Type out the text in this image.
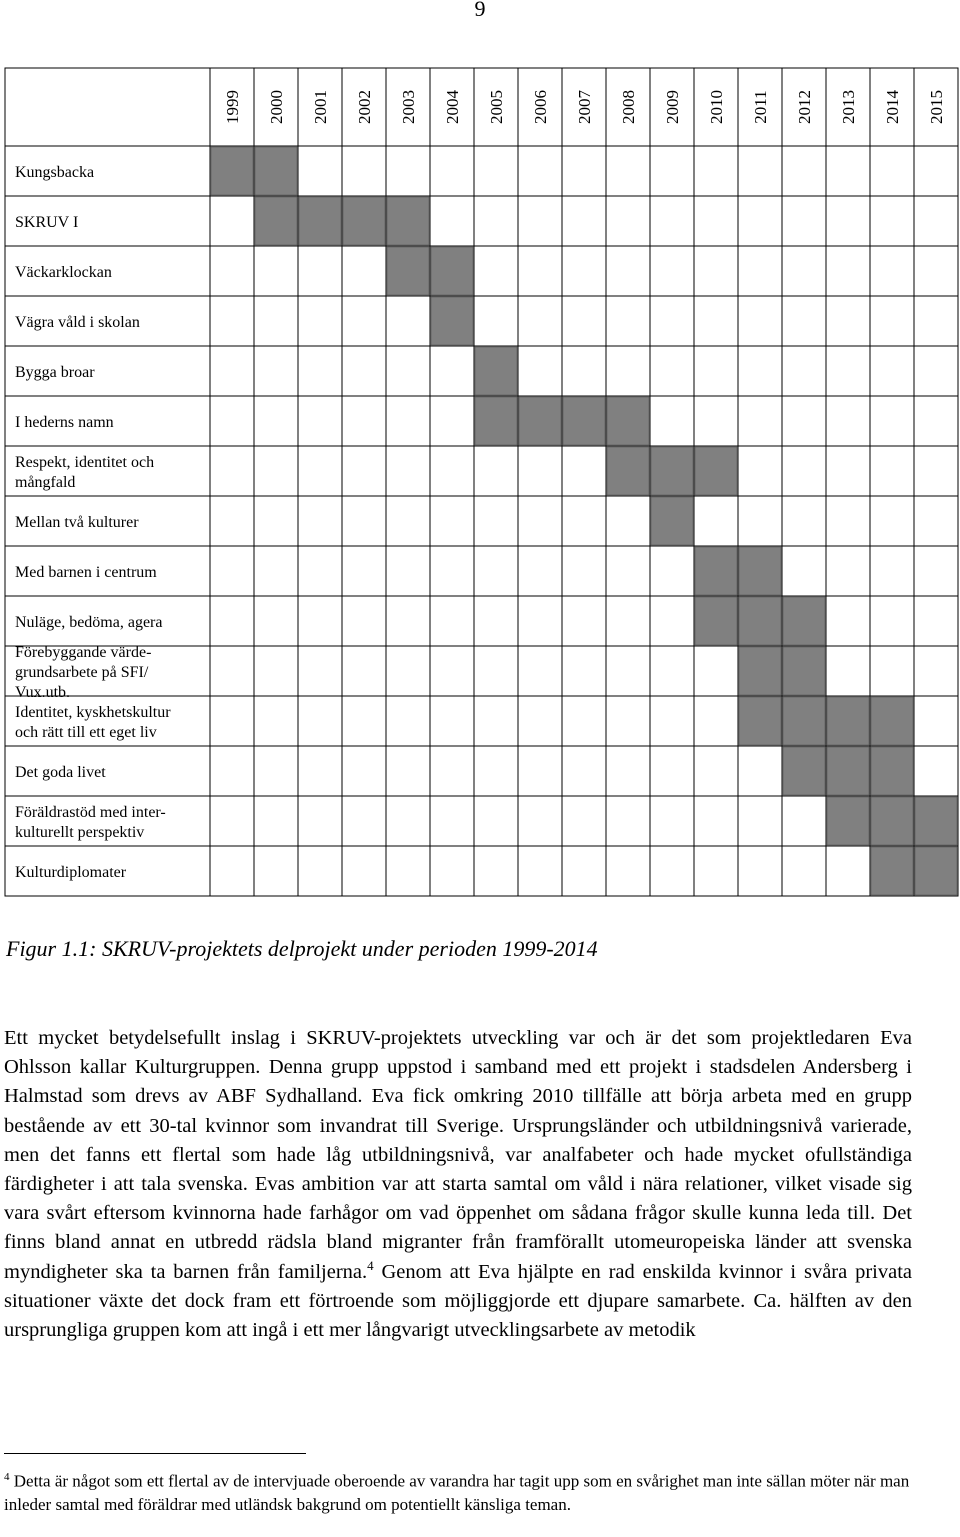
9
1999 2000 2001 2002 2003 2004 2005 2006 2007 2008 2009 2010 2011 2012 2013 2014 2015
Kungsbacka
SKRUV I
Väckarklockan
Vägra våld i skolan
Bygga broar
I hederns namn
Respekt, identitet och mångfald
Mellan två kulturer
Med barnen i centrum
Nuläge, bedöma, agera
Förebyggande värde-grundsarbete på SFI/ Vux.utb.
Identitet, kyskhetskultur och rätt till ett eget liv
Det goda livet
Föräldrastöd med inter-kulturellt perspektiv
Kulturdiplomater
Figur 1.1: SKRUV-projektets delprojekt under perioden 1999-2014

Ett mycket betydelsefullt inslag i SKRUV-projektets utveckling var och är det som projektledaren Eva Ohlsson kallar Kulturgruppen. Denna grupp uppstod i samband med ett projekt i stadsdelen Andersberg i Halmstad som drevs av ABF Sydhalland. Eva fick omkring 2010 tillfälle att börja arbeta med en grupp bestående av ett 30-tal kvinnor som invandrat till Sverige. Ursprungsländer och utbildningsnivå varierade, men det fanns ett flertal som hade låg utbildningsnivå, var analfabeter och hade mycket ofullständiga färdigheter i att tala svenska. Evas ambition var att starta samtal om våld i nära relationer, vilket visade sig vara svårt eftersom kvinnorna hade farhågor om vad öppenhet om sådana frågor skulle kunna leda till. Det finns bland annat en utbredd rädsla bland migranter från framförallt utomeuropeiska länder att svenska myndigheter ska ta barnen från familjerna.$^4$ Genom att Eva hjälpte en rad enskilda kvinnor i svåra privata situationer växte det dock fram ett förtroende som möjliggjorde ett djupare samarbete. Ca. hälften av den ursprungliga gruppen kom att ingå i ett mer långvarigt utvecklingsarbete av metodik

$^4$ Detta är något som ett flertal av de intervjuade oberoende av varandra har tagit upp som en svårighet man inte sällan möter när man inleder samtal med föräldrar med utländsk bakgrund om potentiellt känsliga teman.
